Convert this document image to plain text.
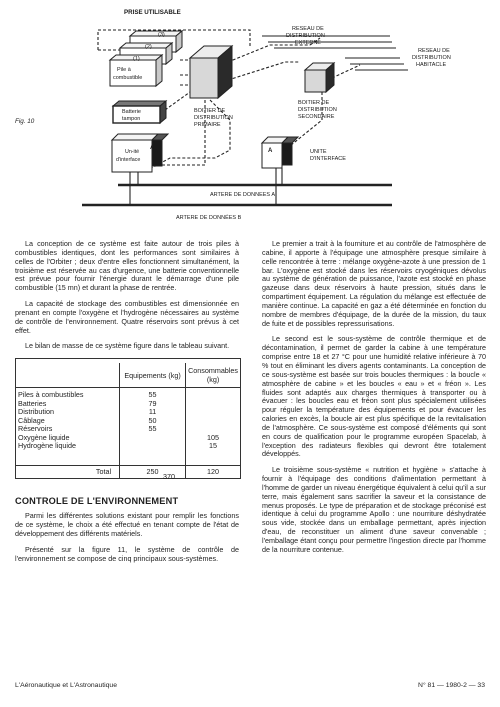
PRISE UTILISABLE
(3)
(2)
(1)
Pile à
combustible
Batterie
tampon
BOITIER DE
DISTRIBUTION
PRIMAIRE
RESEAU DE
DISTRIBUTION
EXTERNE
RESEAU DE
DISTRIBUTION
HABITACLE
BOITIER DE
DISTRIBUTION
SECONDAIRE
Un-ité
d'interface
A
B	A B	UNITE
D'INTERFACE
Fig. 10
ARTERE DE DONNEES A
ARTERE DE DONNÉES B

La conception de ce système est faite autour de trois piles à combustibles identiques, dont les performances sont similaires à celles de l'Orbiter ; deux d'entre elles fonctionnent simultanément, la troisième est réservée au cas d'urgence, une batterie conventionnelle est prévue pour fournir l'énergie durant le démarrage d'une pile combustible (15 mn) et durant la phase de rentrée.

La capacité de stockage des combustibles est dimensionnée en prenant en compte l'oxygène et l'hydrogène nécessaires au système de contrôle de l'environnement. Quatre réservoirs sont prévus à cet effet.

Le bilan de masse de ce système figure dans le tableau suivant.

	Equipements (kg)	Consommables (kg)
Piles à combustibles	55	
Batteries	79	
Distribution	11	
Câblage	50	
Réservoirs	55	
Oxygène liquide		105
Hydrogène liquide		15
Total	250	120
370
CONTROLE DE L'ENVIRONNEMENT

Parmi les différentes solutions existant pour remplir les fonctions de ce système, le choix a été effectué en tenant compte de l'état de développement des différents matériels.

Présenté sur la figure 11, le système de contrôle de l'environnement se compose de cinq principaux sous-systèmes.

Le premier a trait à la fourniture et au contrôle de l'atmosphère de cabine, il apporte à l'équipage une atmosphère presque similaire à celle rencontrée à terre : mélange oxygène-azote à une pression de 1 bar. L'oxygène est stocké dans les réservoirs cryogéniques dévolus au système de génération de puissance, l'azote est stocké en phase gazeuse dans deux réservoirs à haute pression, situés dans le compartiment équipement. La régulation du mélange est effectuée de manière continue. La capacité en gaz a été déterminée en fonction du nombre de membres d'équipage, de la durée de la mission, du taux de fuite et de possibles repressurisations.

Le second est le sous-système de contrôle thermique et de décontamination, il permet de garder la cabine à une température comprise entre 18 et 27 °C pour une humidité relative inférieure à 70 % tout en éliminant les divers agents contaminants. La conception de ce sous-système est basée sur trois boucles thermiques : la boucle « atmosphère de cabine » et les boucles « eau » et « fréon ». Les fluides sont adaptés aux charges thermiques à transporter ou à évacuer : les boucles eau et fréon sont plus spécialement utilisées pour réguler la température des équipements et pour évacuer les calories en excès, la boucle air est plus spécifique de la revitalisation de l'atmosphère. Ce sous-système est composé d'éléments qui sont en cours de qualification pour le programme européen Spacelab, à l'exception des radiateurs flexibles qui devront être totalement développés.

Le troisième sous-système « nutrition et hygiène » s'attache à fournir à l'équipage des conditions d'alimentation permettant à l'homme de garder un niveau énergétique équivalent à celui qu'il a sur terre, mais également sans sacrifier la saveur et la consistance de menus proposés. Le type de préparation et de stockage préconisé est identique à celui du programme Apollo : une nourriture déshydratée sous vide, stockée dans un emballage permettant, après injection d'eau, de reconstituer un aliment d'une saveur convenable ; l'emballage étant conçu pour permettre l'ingestion directe par l'homme de la nourriture contenue.

L'Aéronautique et L'Astronautique	N° 81 — 1980-2 — 33
